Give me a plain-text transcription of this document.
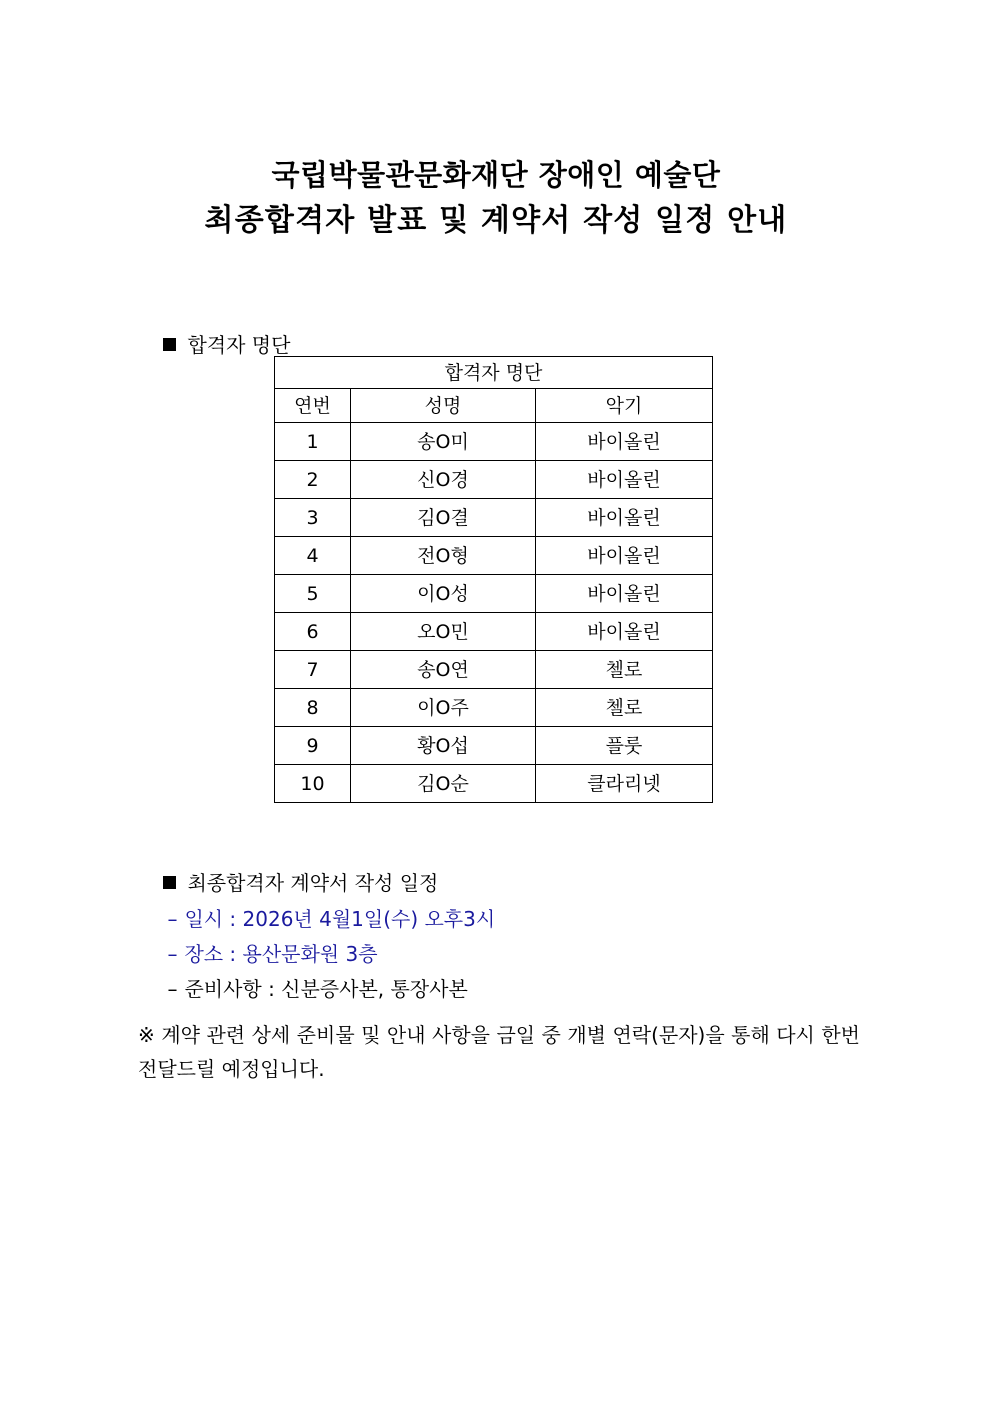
국립박물관문화재단 장애인 예술단
최종합격자 발표 및 계약서 작성 일정 안내

합격자 명단

합격자 명단		
연번	성명	악기
1	송O미	바이올린
2	신O경	바이올린
3	김O결	바이올린
4	전O형	바이올린
5	이O성	바이올린
6	오O민	바이올린
7	송O연	첼로
8	이O주	첼로
9	황O섭	플룻
10	김O순	클라리넷

최종합격자 계약서 작성 일정

– 일시 : 2026년 4월1일(수) 오후3시

– 장소 : 용산문화원 3층

– 준비사항 : 신분증사본, 통장사본

※ 계약 관련 상세 준비물 및 안내 사항을 금일 중 개별 연락(문자)을 통해 다시 한번 전달드릴 예정입니다.
